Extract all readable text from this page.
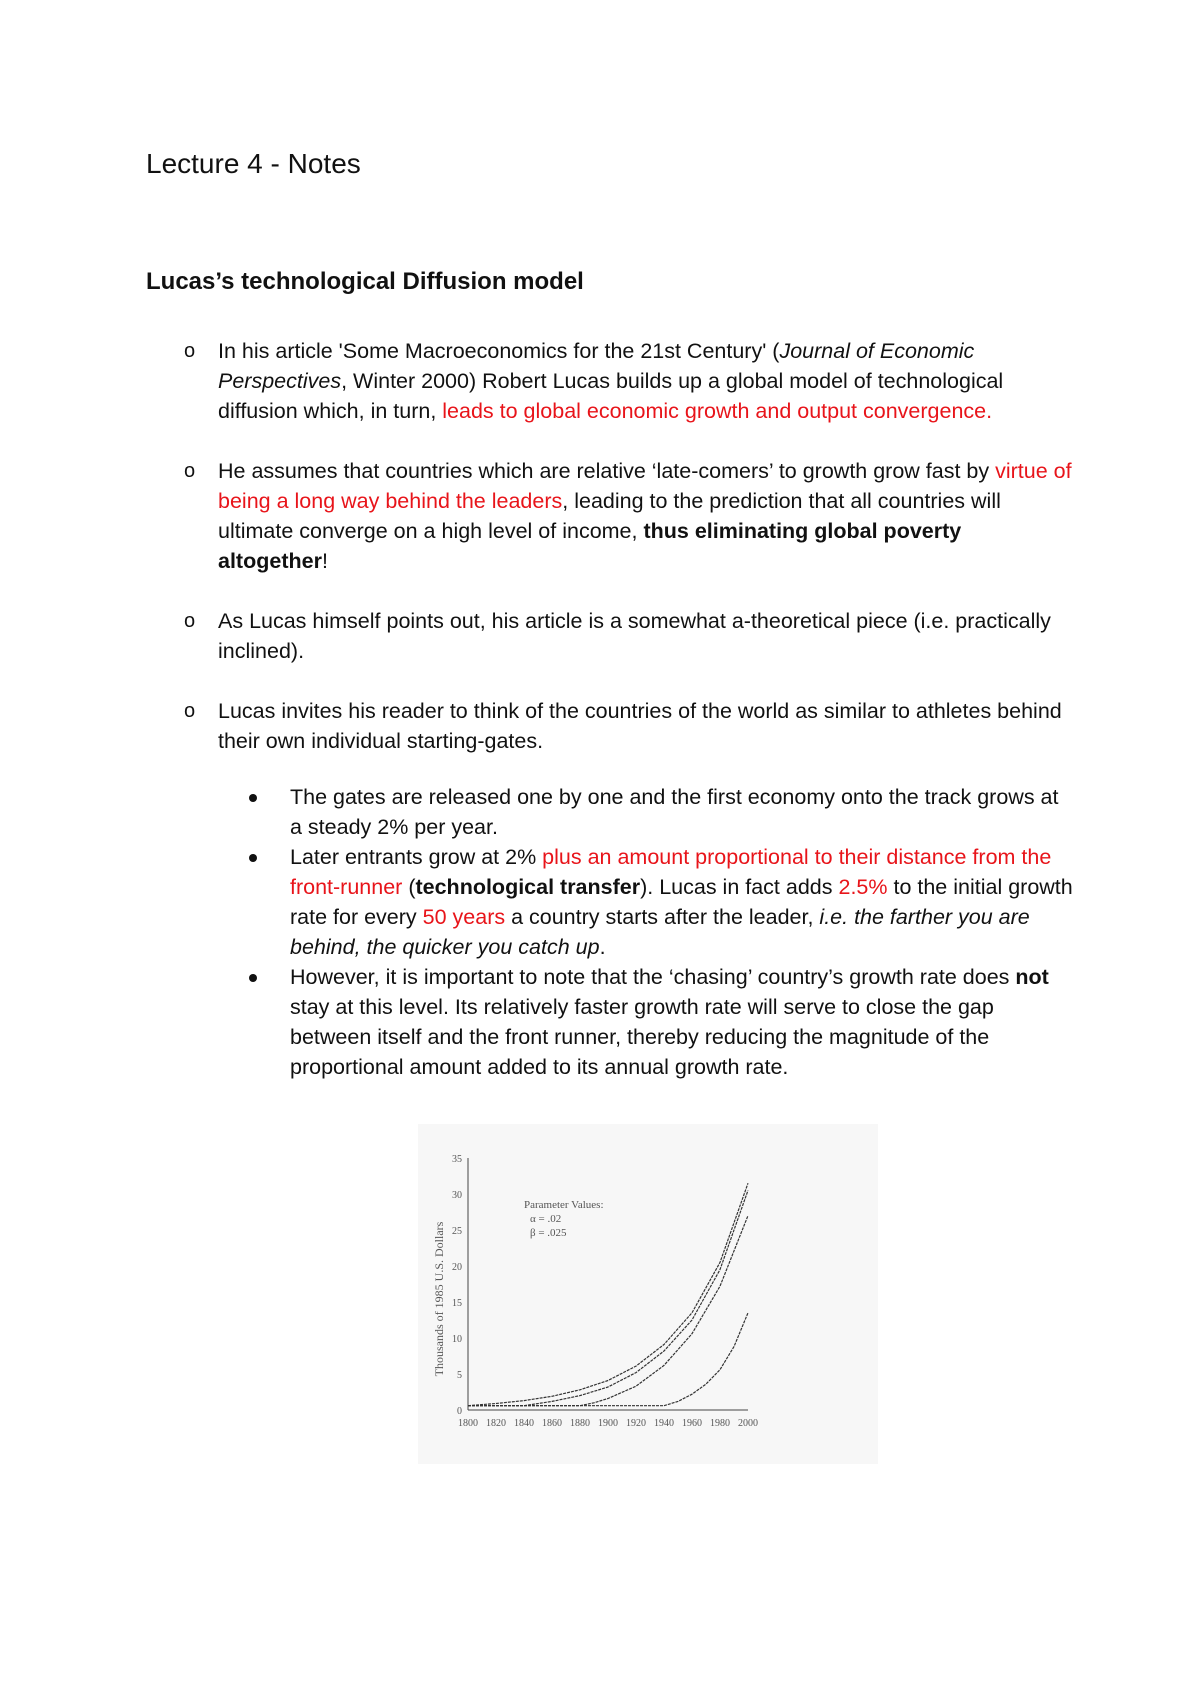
Lecture 4 - Notes
Lucas’s technological Diffusion model
o In his article 'Some Macroeconomics for the 21st Century' (Journal of Economic Perspectives, Winter 2000) Robert Lucas builds up a global model of technological diffusion which, in turn, leads to global economic growth and output convergence.
o He assumes that countries which are relative ‘late-comers’ to growth grow fast by virtue of being a long way behind the leaders, leading to the prediction that all countries will ultimate converge on a high level of income, thus eliminating global poverty altogether!
o As Lucas himself points out, his article is a somewhat a-theoretical piece (i.e. practically inclined).
o Lucas invites his reader to think of the countries of the world as similar to athletes behind their own individual starting-gates.
The gates are released one by one and the first economy onto the track grows at a steady 2% per year.
Later entrants grow at 2% plus an amount proportional to their distance from the front-runner (technological transfer). Lucas in fact adds 2.5% to the initial growth rate for every 50 years a country starts after the leader, i.e. the farther you are behind, the quicker you catch up.
However, it is important to note that the ‘chasing’ country’s growth rate does not stay at this level. Its relatively faster growth rate will serve to close the gap between itself and the front runner, thereby reducing the magnitude of the proportional amount added to its annual growth rate.
1800 1820 1840 1860 1880 1900 1920 1940 1960 1980 2000
0
5
10
15
20
25
30
35
Thousands of 1985 U.S. Dollars
Parameter Values:
α = .02
β = .025
